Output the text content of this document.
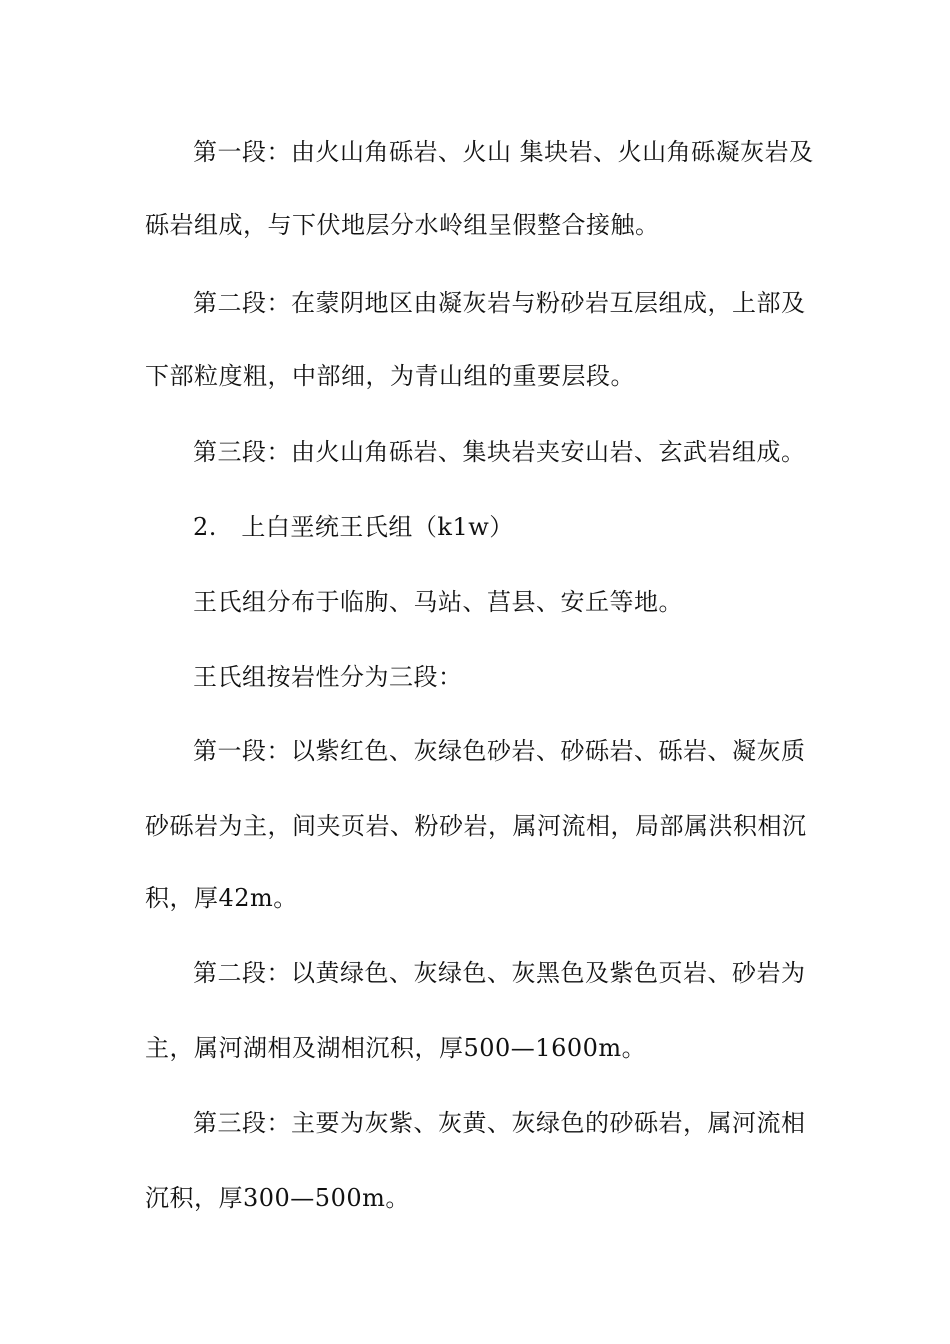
第一段：由火山角砾岩、火山 集块岩、火山角砾凝灰岩及
砾岩组成，与下伏地层分水岭组呈假整合接触。
第二段：在蒙阴地区由凝灰岩与粉砂岩互层组成，上部及
下部粒度粗，中部细，为青山组的重要层段。
第三段：由火山角砾岩、集块岩夹安山岩、玄武岩组成。
2.　上白垩统王氏组（k1w）
王氏组分布于临朐、马站、莒县、安丘等地。
王氏组按岩性分为三段：
第一段：以紫红色、灰绿色砂岩、砂砾岩、砾岩、凝灰质
砂砾岩为主，间夹页岩、粉砂岩，属河流相，局部属洪积相沉
积，厚42m。
第二段：以黄绿色、灰绿色、灰黑色及紫色页岩、砂岩为
主，属河湖相及湖相沉积，厚500—1600m。
第三段：主要为灰紫、灰黄、灰绿色的砂砾岩，属河流相
沉积，厚300—500m。
